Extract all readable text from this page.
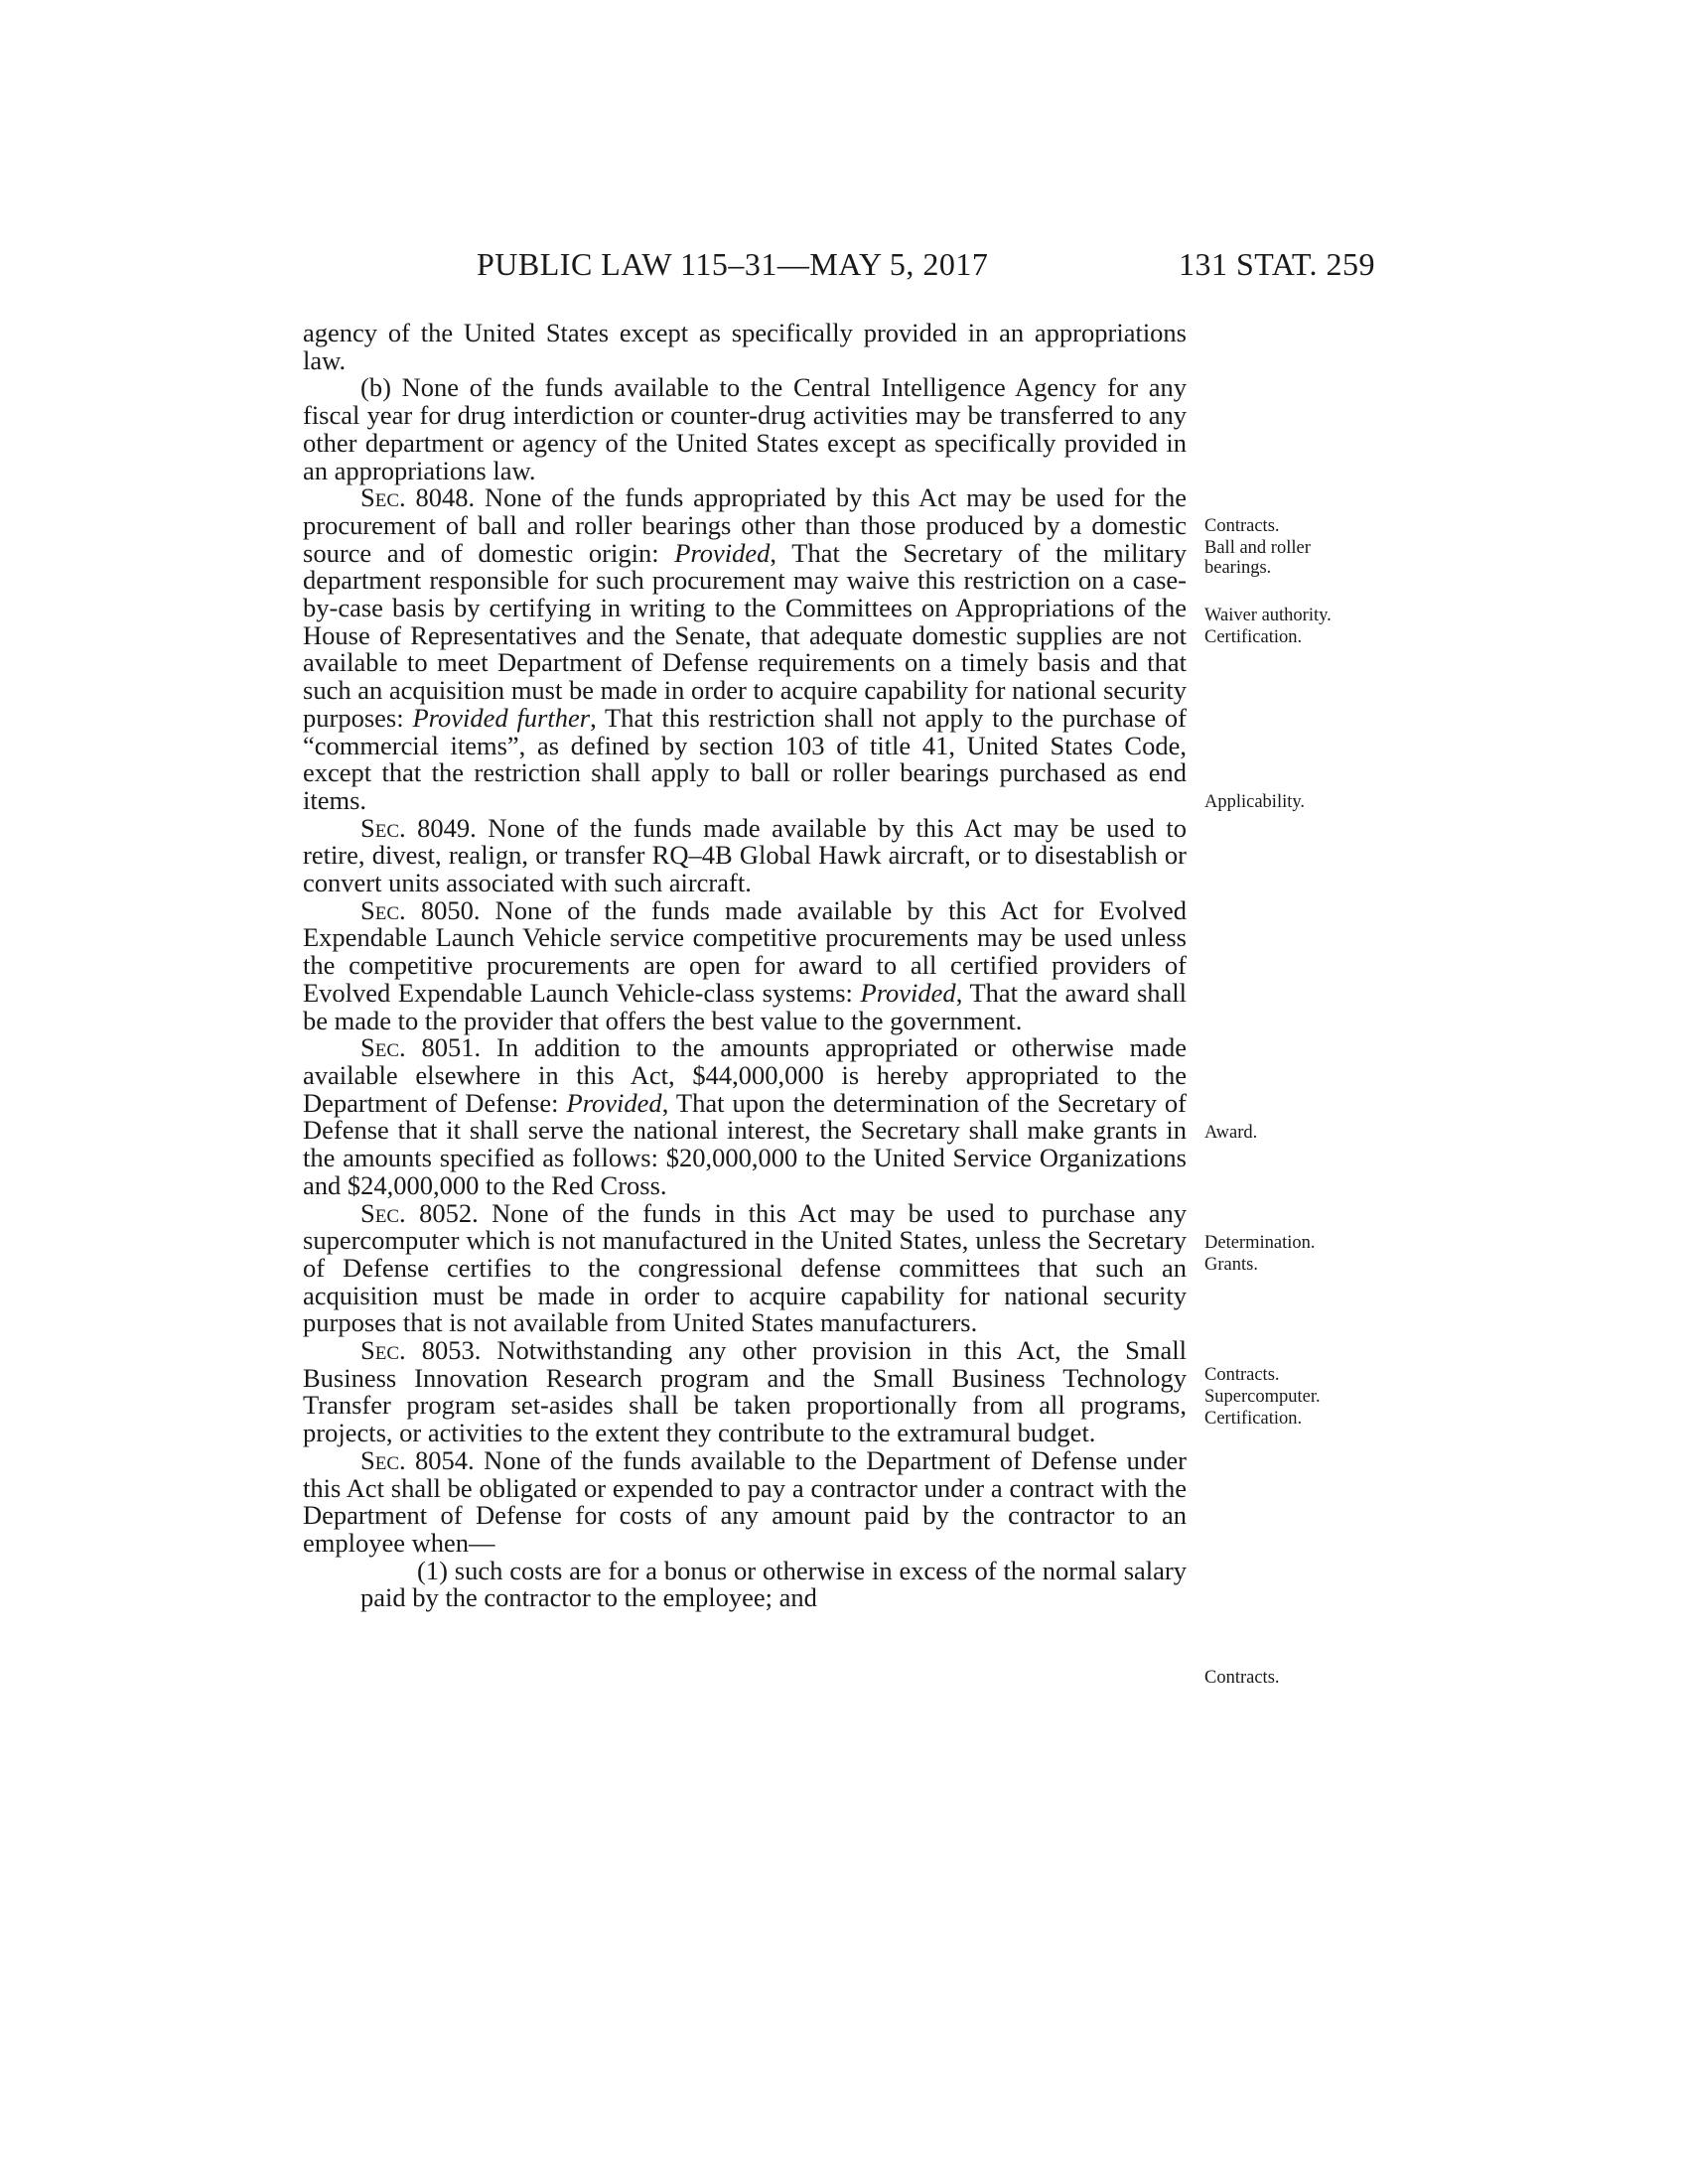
PUBLIC LAW 115–31—MAY 5, 2017	131 STAT. 259

agency of the United States except as specifically provided in an appropriations law.

(b) None of the funds available to the Central Intelligence Agency for any fiscal year for drug interdiction or counter-drug activities may be transferred to any other department or agency of the United States except as specifically provided in an appropriations law.

Sec. 8048. None of the funds appropriated by this Act may be used for the procurement of ball and roller bearings other than those produced by a domestic source and of domestic origin: Provided, That the Secretary of the military department responsible for such procurement may waive this restriction on a case-by-case basis by certifying in writing to the Committees on Appropriations of the House of Representatives and the Senate, that adequate domestic supplies are not available to meet Department of Defense requirements on a timely basis and that such an acquisition must be made in order to acquire capability for national security purposes: Provided further, That this restriction shall not apply to the purchase of “commercial items”, as defined by section 103 of title 41, United States Code, except that the restriction shall apply to ball or roller bearings purchased as end items.

Sec. 8049. None of the funds made available by this Act may be used to retire, divest, realign, or transfer RQ–4B Global Hawk aircraft, or to disestablish or convert units associated with such aircraft.

Sec. 8050. None of the funds made available by this Act for Evolved Expendable Launch Vehicle service competitive procurements may be used unless the competitive procurements are open for award to all certified providers of Evolved Expendable Launch Vehicle-class systems: Provided, That the award shall be made to the provider that offers the best value to the government.

Sec. 8051. In addition to the amounts appropriated or otherwise made available elsewhere in this Act, $44,000,000 is hereby appropriated to the Department of Defense: Provided, That upon the determination of the Secretary of Defense that it shall serve the national interest, the Secretary shall make grants in the amounts specified as follows: $20,000,000 to the United Service Organizations and $24,000,000 to the Red Cross.

Sec. 8052. None of the funds in this Act may be used to purchase any supercomputer which is not manufactured in the United States, unless the Secretary of Defense certifies to the congressional defense committees that such an acquisition must be made in order to acquire capability for national security purposes that is not available from United States manufacturers.

Sec. 8053. Notwithstanding any other provision in this Act, the Small Business Innovation Research program and the Small Business Technology Transfer program set-asides shall be taken proportionally from all programs, projects, or activities to the extent they contribute to the extramural budget.

Sec. 8054. None of the funds available to the Department of Defense under this Act shall be obligated or expended to pay a contractor under a contract with the Department of Defense for costs of any amount paid by the contractor to an employee when—

(1) such costs are for a bonus or otherwise in excess of the normal salary paid by the contractor to the employee; and

Contracts.
Ball and roller bearings.
Waiver authority.
Certification.
Applicability.
Award.
Determination.
Grants.
Contracts.
Supercomputer.
Certification.
Contracts.
